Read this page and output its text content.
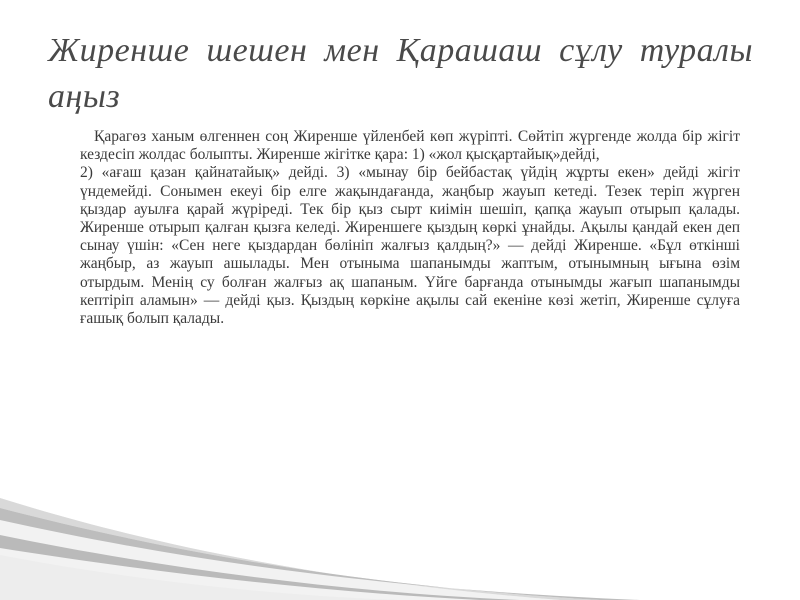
Жиренше шешен мен Қарашаш сұлу туралы аңыз

Қарагөз ханым өлгеннен соң Жиренше үйленбей көп жүріпті. Сөйтіп жүргенде жолда бір жігіт кездесіп жолдас болыпты. Жиренше жігітке қара: 1) «жол қысқартайық»дейді,

2) «ағаш қазан қайнатайық» дейді. 3) «мынау бір бейбастақ үйдің жұрты екен» дейді жігіт үндемейді. Сонымен екеуі бір елге жақындағанда, жаңбыр жауып кетеді. Тезек теріп жүрген қыздар ауылға қарай жүріреді. Тек бір қыз сырт киімін шешіп, қапқа жауып отырып қалады. Жиренше отырып қалған қызға келеді. Жиреншеге қыздың көркі ұнайды. Ақылы қандай екен деп сынау үшін: «Сен неге қыздардан бөлініп жалғыз қалдың?» — дейді Жиренше. «Бұл өткінші жаңбыр, аз жауып ашылады. Мен отыныма шапанымды жаптым, отынымның ығына өзім отырдым. Менің су болған жалғыз ақ шапаным. Үйге барғанда отынымды жағып шапанымды кептіріп аламын» — дейді қыз. Қыздың көркіне ақылы сай екеніне көзі жетіп, Жиренше сұлуға ғашық болып қалады.
